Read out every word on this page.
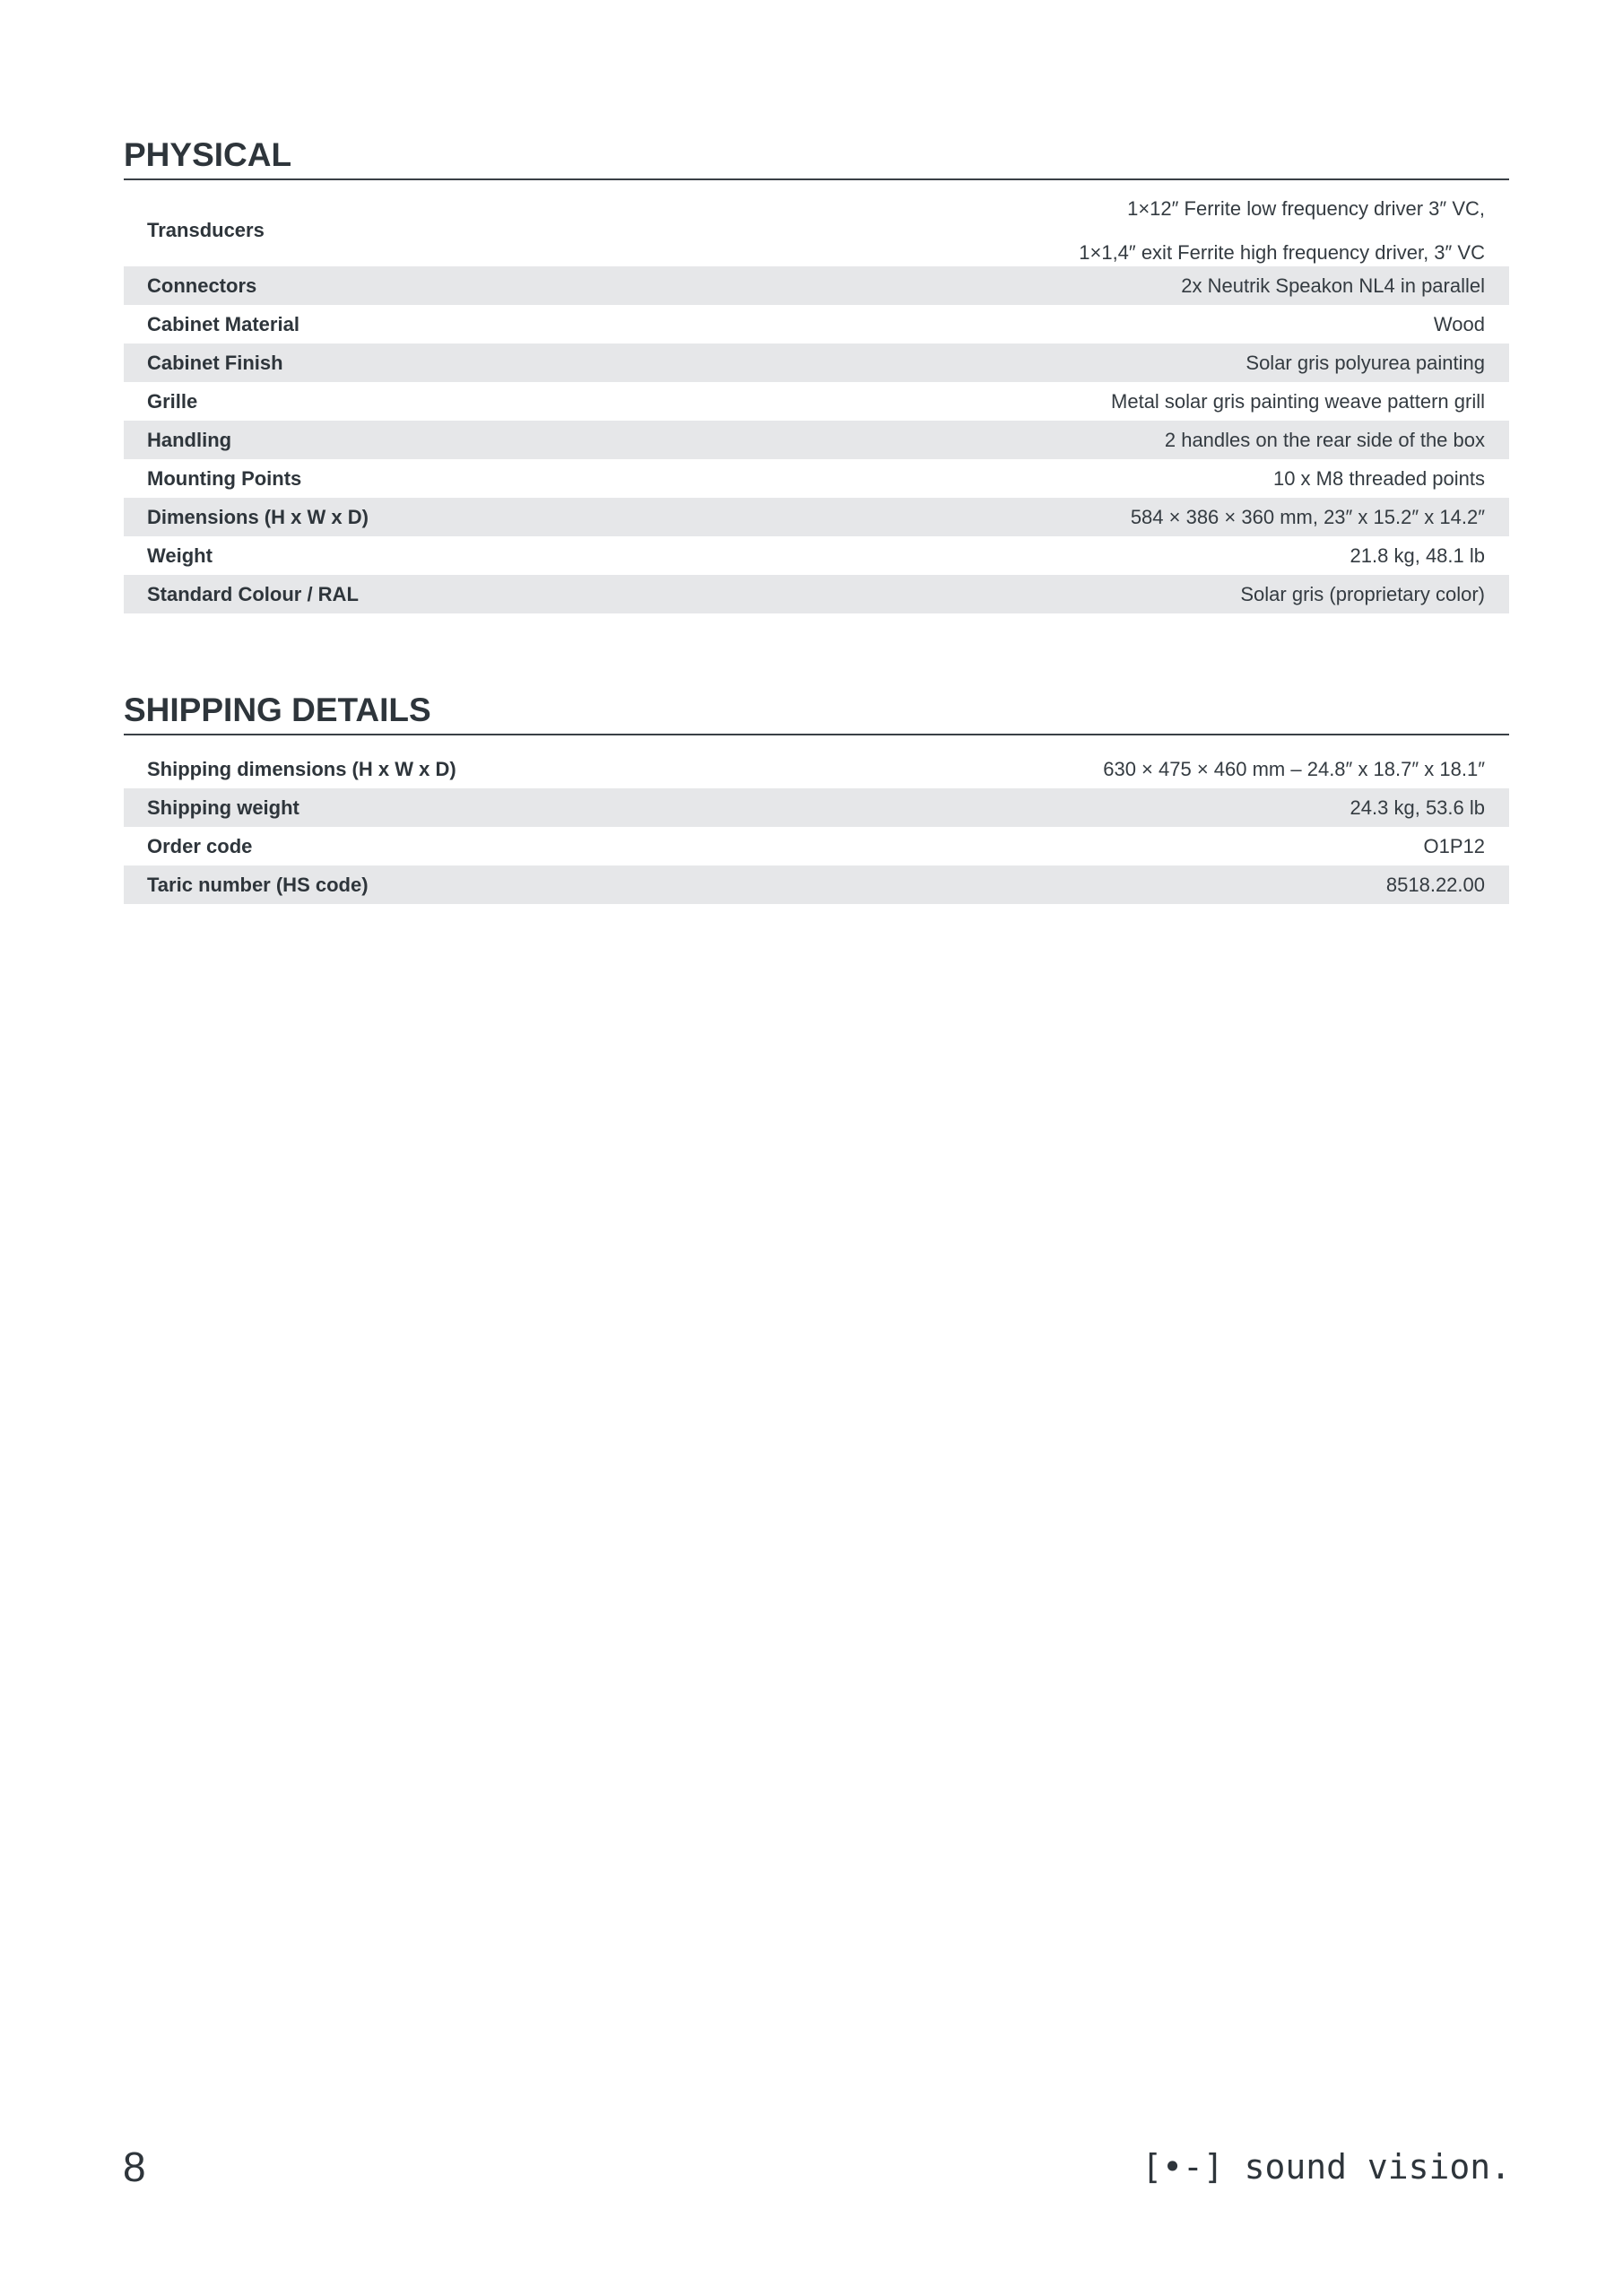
PHYSICAL
Transducers
1×12″ Ferrite low frequency driver 3″ VC,
1×1,4″ exit Ferrite high frequency driver, 3″ VC
Connectors	2x Neutrik Speakon NL4 in parallel
Cabinet Material	Wood
Cabinet Finish	Solar gris polyurea painting
Grille	Metal solar gris painting weave pattern grill
Handling	2 handles on the rear side of the box
Mounting Points	10 x M8 threaded points
Dimensions (H x W x D)	584 × 386 × 360 mm, 23″ x 15.2″ x 14.2″
Weight	21.8 kg, 48.1 lb
Standard Colour / RAL	Solar gris (proprietary color)
SHIPPING DETAILS
Shipping dimensions (H x W x D)	630 × 475 × 460 mm – 24.8″ x 18.7″ x 18.1″
Shipping weight	24.3 kg, 53.6 lb
Order code	O1P12
Taric number (HS code)	8518.22.00
8	[•-] sound vision.
